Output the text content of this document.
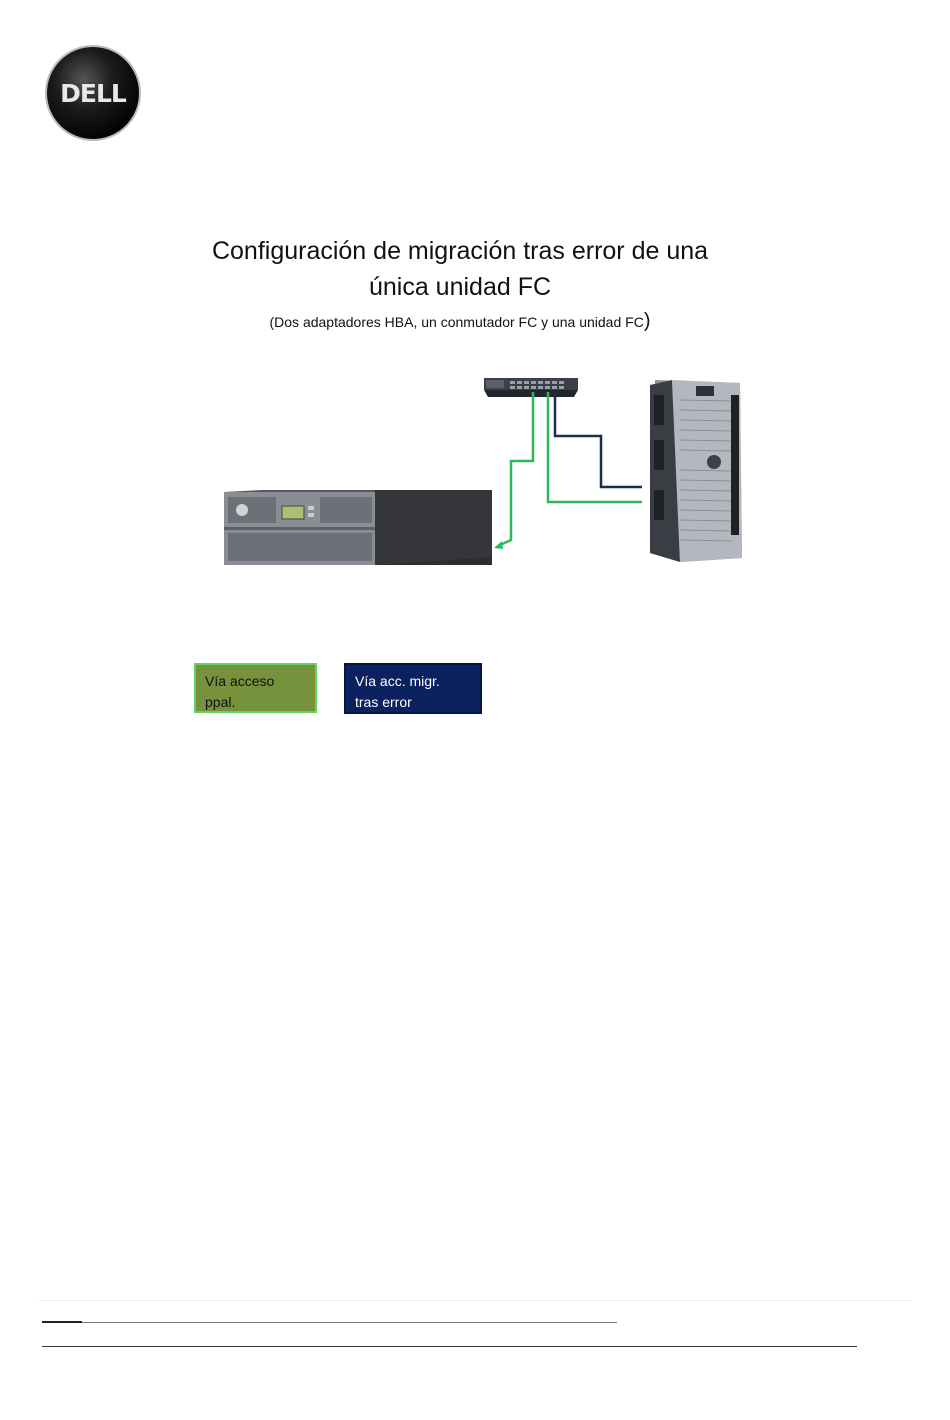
DELL
Configuración de migración tras error de una
única unidad FC
(Dos adaptadores HBA, un conmutador FC y una unidad FC)
Vía acceso
ppal.
Vía acc. migr.
tras error
